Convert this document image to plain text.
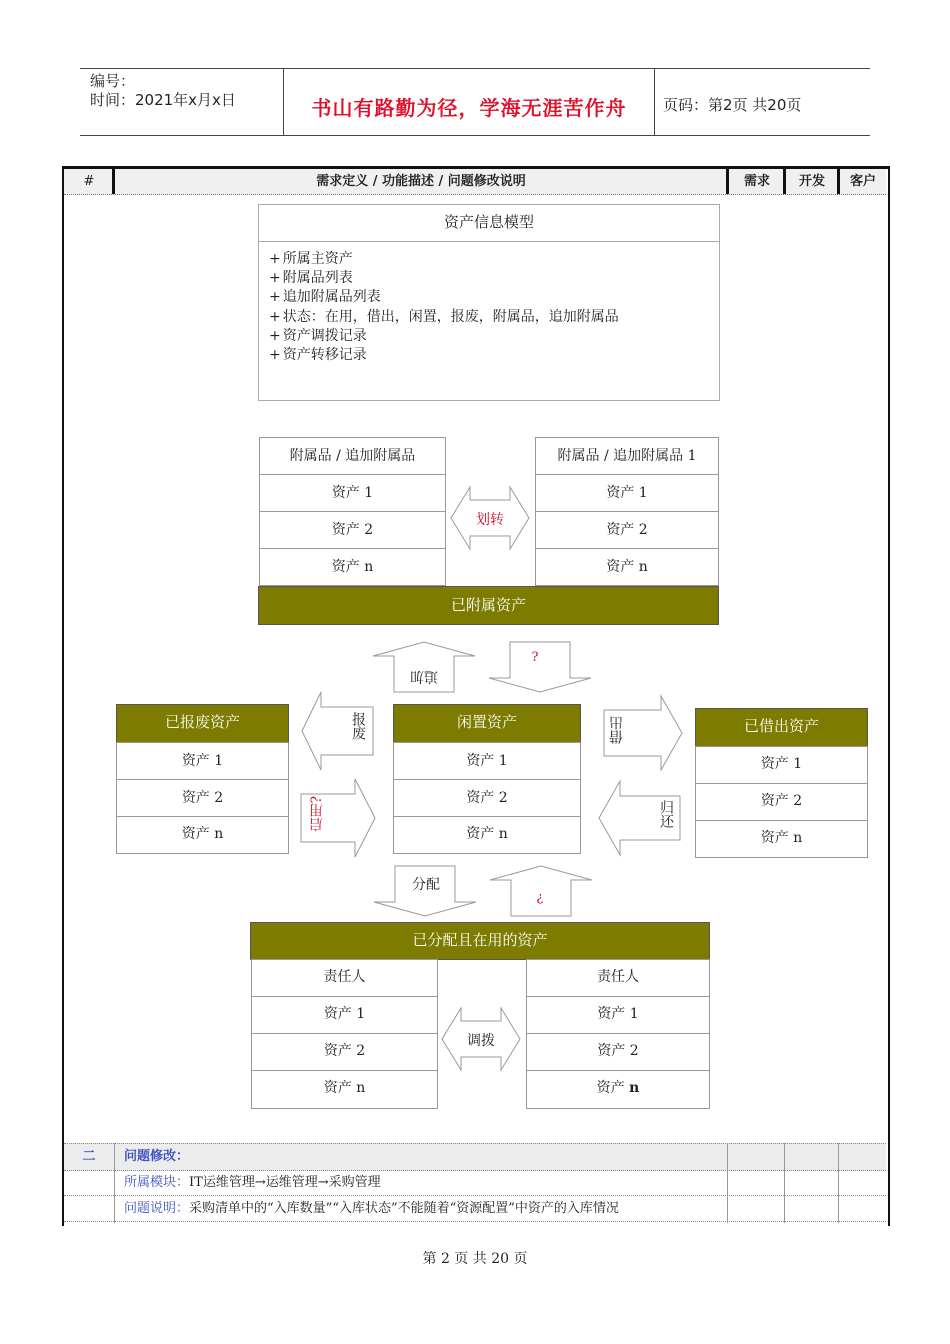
编号：
时间：2021年x月x日	书山有路勤为径，学海无涯苦作舟	页码：第2页 共20页
#	需求定义 / 功能描述 / 问题修改说明	需求	开发	客户
资产信息模型
+ 所属主资产
+ 附属品列表
+ 追加附属品列表
+ 状态：在用，借出，闲置，报废，附属品，追加附属品
+ 资产调拨记录
+ 资产转移记录
附属品 / 追加附属品
资产 1
资产 2
资产 n
附属品 / 追加附属品 1
资产 1
资产 2
资产 n
划转
已附属资产
追加
?
已报废资产
资产 1
资产 2
资产 n
闲置资产
资产 1
资产 2
资产 n
已借出资产
资产 1
资产 2
资产 n
报废
启用?
借出
归还
分配
?
已分配且在用的资产
责任人
资产 1
资产 2
资产 n
责任人
资产 1
资产 2
资产 n
调拨
二	问题修改：
所属模块：IT运维管理→运维管理→采购管理
问题说明：采购清单中的“入库数量”“入库状态”不能随着“资源配置”中资产的入库情况
第 2 页 共 20 页
